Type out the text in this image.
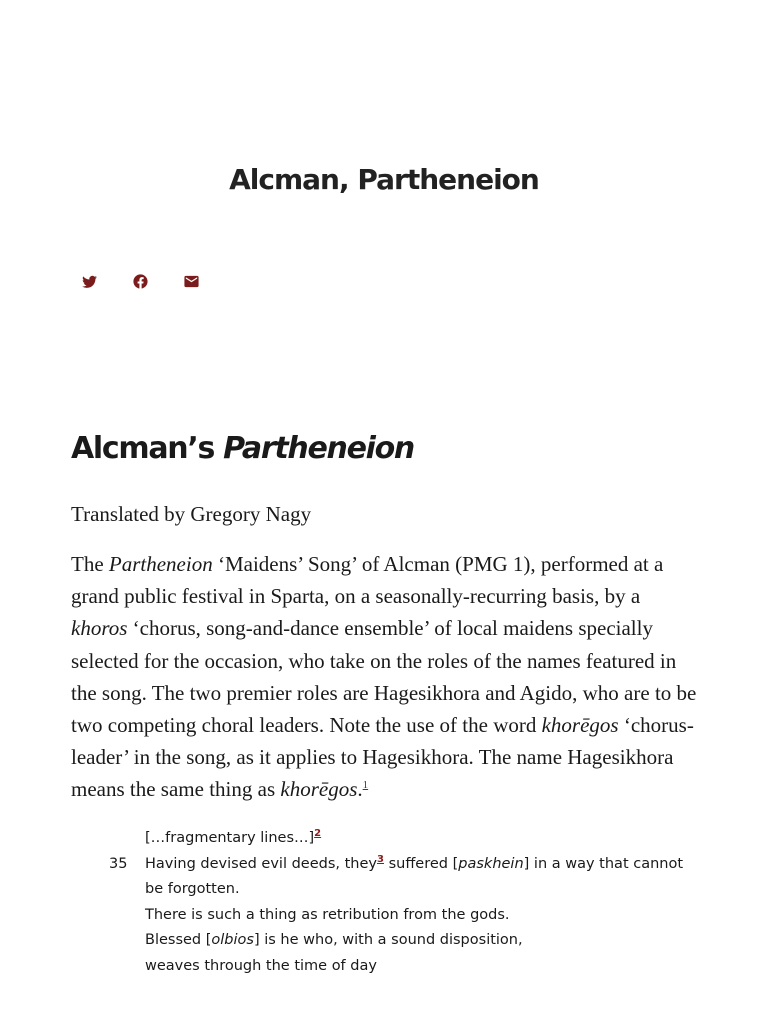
Alcman, Partheneion
Alcman’s Partheneion

Translated by Gregory Nagy

The Partheneion ‘Maidens’ Song’ of Alcman (PMG 1), performed at a grand public festival in Sparta, on a seasonally-recurring basis, by a khoros ‘chorus, song-and-dance ensemble’ of local maidens specially selected for the occasion, who take on the roles of the names featured in the song. The two premier roles are Hagesikhora and Agido, who are to be two competing choral leaders. Note the use of the word khorēgos ‘chorus-leader’ in the song, as it applies to Hagesikhora. The name Hagesikhora means the same thing as khorēgos.$^1$

[…fragmentary lines…]$^2$
35 Having devised evil deeds, they$^3$ suffered [paskhein] in a way that cannot be forgotten.
There is such a thing as retribution from the gods.
Blessed [olbios] is he who, with a sound disposition,
weaves through the time of day
